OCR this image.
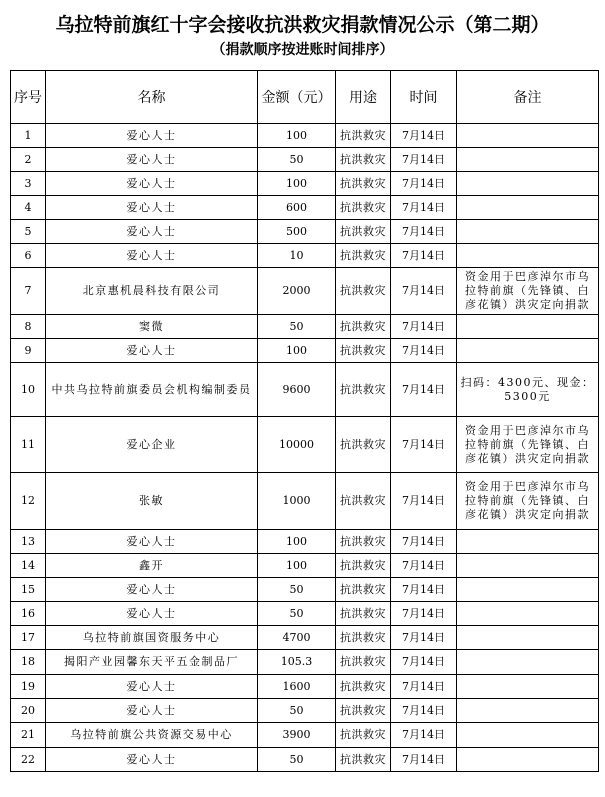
乌拉特前旗红十字会接收抗洪救灾捐款情况公示（第二期）
（捐款顺序按进账时间排序）
序号	名称	金额（元）	用途	时间	备注
1	爱心人士	100	抗洪救灾	7月14日	
2	爱心人士	50	抗洪救灾	7月14日	
3	爱心人士	100	抗洪救灾	7月14日	
4	爱心人士	600	抗洪救灾	7月14日	
5	爱心人士	500	抗洪救灾	7月14日	
6	爱心人士	10	抗洪救灾	7月14日	
7	北京惠机晨科技有限公司	2000	抗洪救灾	7月14日	资金用于巴彦淖尔市乌拉特前旗（先锋镇、白彦花镇）洪灾定向捐款
8	窦微	50	抗洪救灾	7月14日	
9	爱心人士	100	抗洪救灾	7月14日	
10	中共乌拉特前旗委员会机构编制委员	9600	抗洪救灾	7月14日	扫码：4300元、现金：5300元
11	爱心企业	10000	抗洪救灾	7月14日	资金用于巴彦淖尔市乌拉特前旗（先锋镇、白彦花镇）洪灾定向捐款
12	张敏	1000	抗洪救灾	7月14日	资金用于巴彦淖尔市乌拉特前旗（先锋镇、白彦花镇）洪灾定向捐款
13	爱心人士	100	抗洪救灾	7月14日	
14	鑫开	100	抗洪救灾	7月14日	
15	爱心人士	50	抗洪救灾	7月14日	
16	爱心人士	50	抗洪救灾	7月14日	
17	乌拉特前旗国资服务中心	4700	抗洪救灾	7月14日	
18	揭阳产业园馨东天平五金制品厂	105.3	抗洪救灾	7月14日	
19	爱心人士	1600	抗洪救灾	7月14日	
20	爱心人士	50	抗洪救灾	7月14日	
21	乌拉特前旗公共资源交易中心	3900	抗洪救灾	7月14日	
22	爱心人士	50	抗洪救灾	7月14日	
